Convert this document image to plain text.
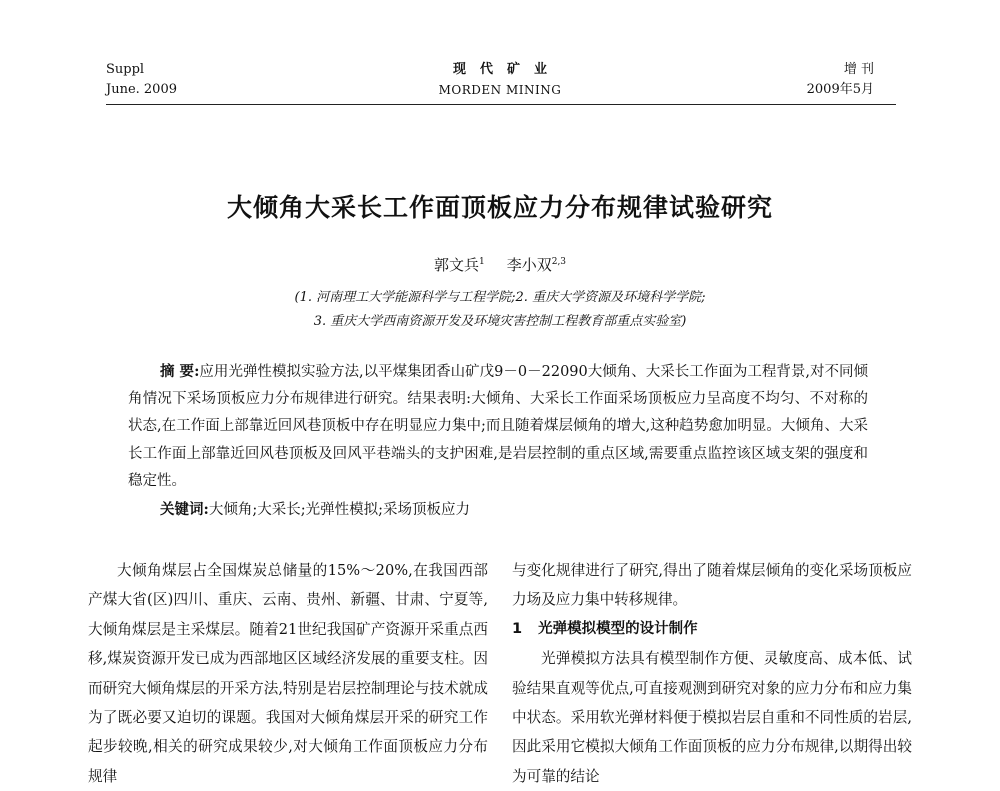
Suppl
June. 2009
现代矿业
MORDEN MINING
增 刊
2009年5月
大倾角大采长工作面顶板应力分布规律试验研究
郭文兵$^1$ 李小双$^{2,3}$
(1. 河南理工大学能源科学与工程学院;2. 重庆大学资源及环境科学学院;
3. 重庆大学西南资源开发及环境灾害控制工程教育部重点实验室)
摘 要:应用光弹性模拟实验方法,以平煤集团香山矿戊9－0－22090大倾角、大采长工作面为工程背景,对不同倾角情况下采场顶板应力分布规律进行研究。结果表明:大倾角、大采长工作面采场顶板应力呈高度不均匀、不对称的状态,在工作面上部靠近回风巷顶板中存在明显应力集中;而且随着煤层倾角的增大,这种趋势愈加明显。大倾角、大采长工作面上部靠近回风巷顶板及回风平巷端头的支护困难,是岩层控制的重点区域,需要重点监控该区域支架的强度和稳定性。
关键词:大倾角;大采长;光弹性模拟;采场顶板应力

大倾角煤层占全国煤炭总储量的15%～20%,在我国西部产煤大省(区)四川、重庆、云南、贵州、新疆、甘肃、宁夏等,大倾角煤层是主采煤层。随着21世纪我国矿产资源开采重点西移,煤炭资源开发已成为西部地区区域经济发展的重要支柱。因而研究大倾角煤层的开采方法,特别是岩层控制理论与技术就成为了既必要又迫切的课题。我国对大倾角煤层开采的研究工作起步较晚,相关的研究成果较少,对大倾角工作面顶板应力分布规律

与变化规律进行了研究,得出了随着煤层倾角的变化采场顶板应力场及应力集中转移规律。

1 光弹模拟模型的设计制作

光弹模拟方法具有模型制作方便、灵敏度高、成本低、试验结果直观等优点,可直接观测到研究对象的应力分布和应力集中状态。采用软光弹材料便于模拟岩层自重和不同性质的岩层,因此采用它模拟大倾角工作面顶板的应力分布规律,以期得出较为可靠的结论
